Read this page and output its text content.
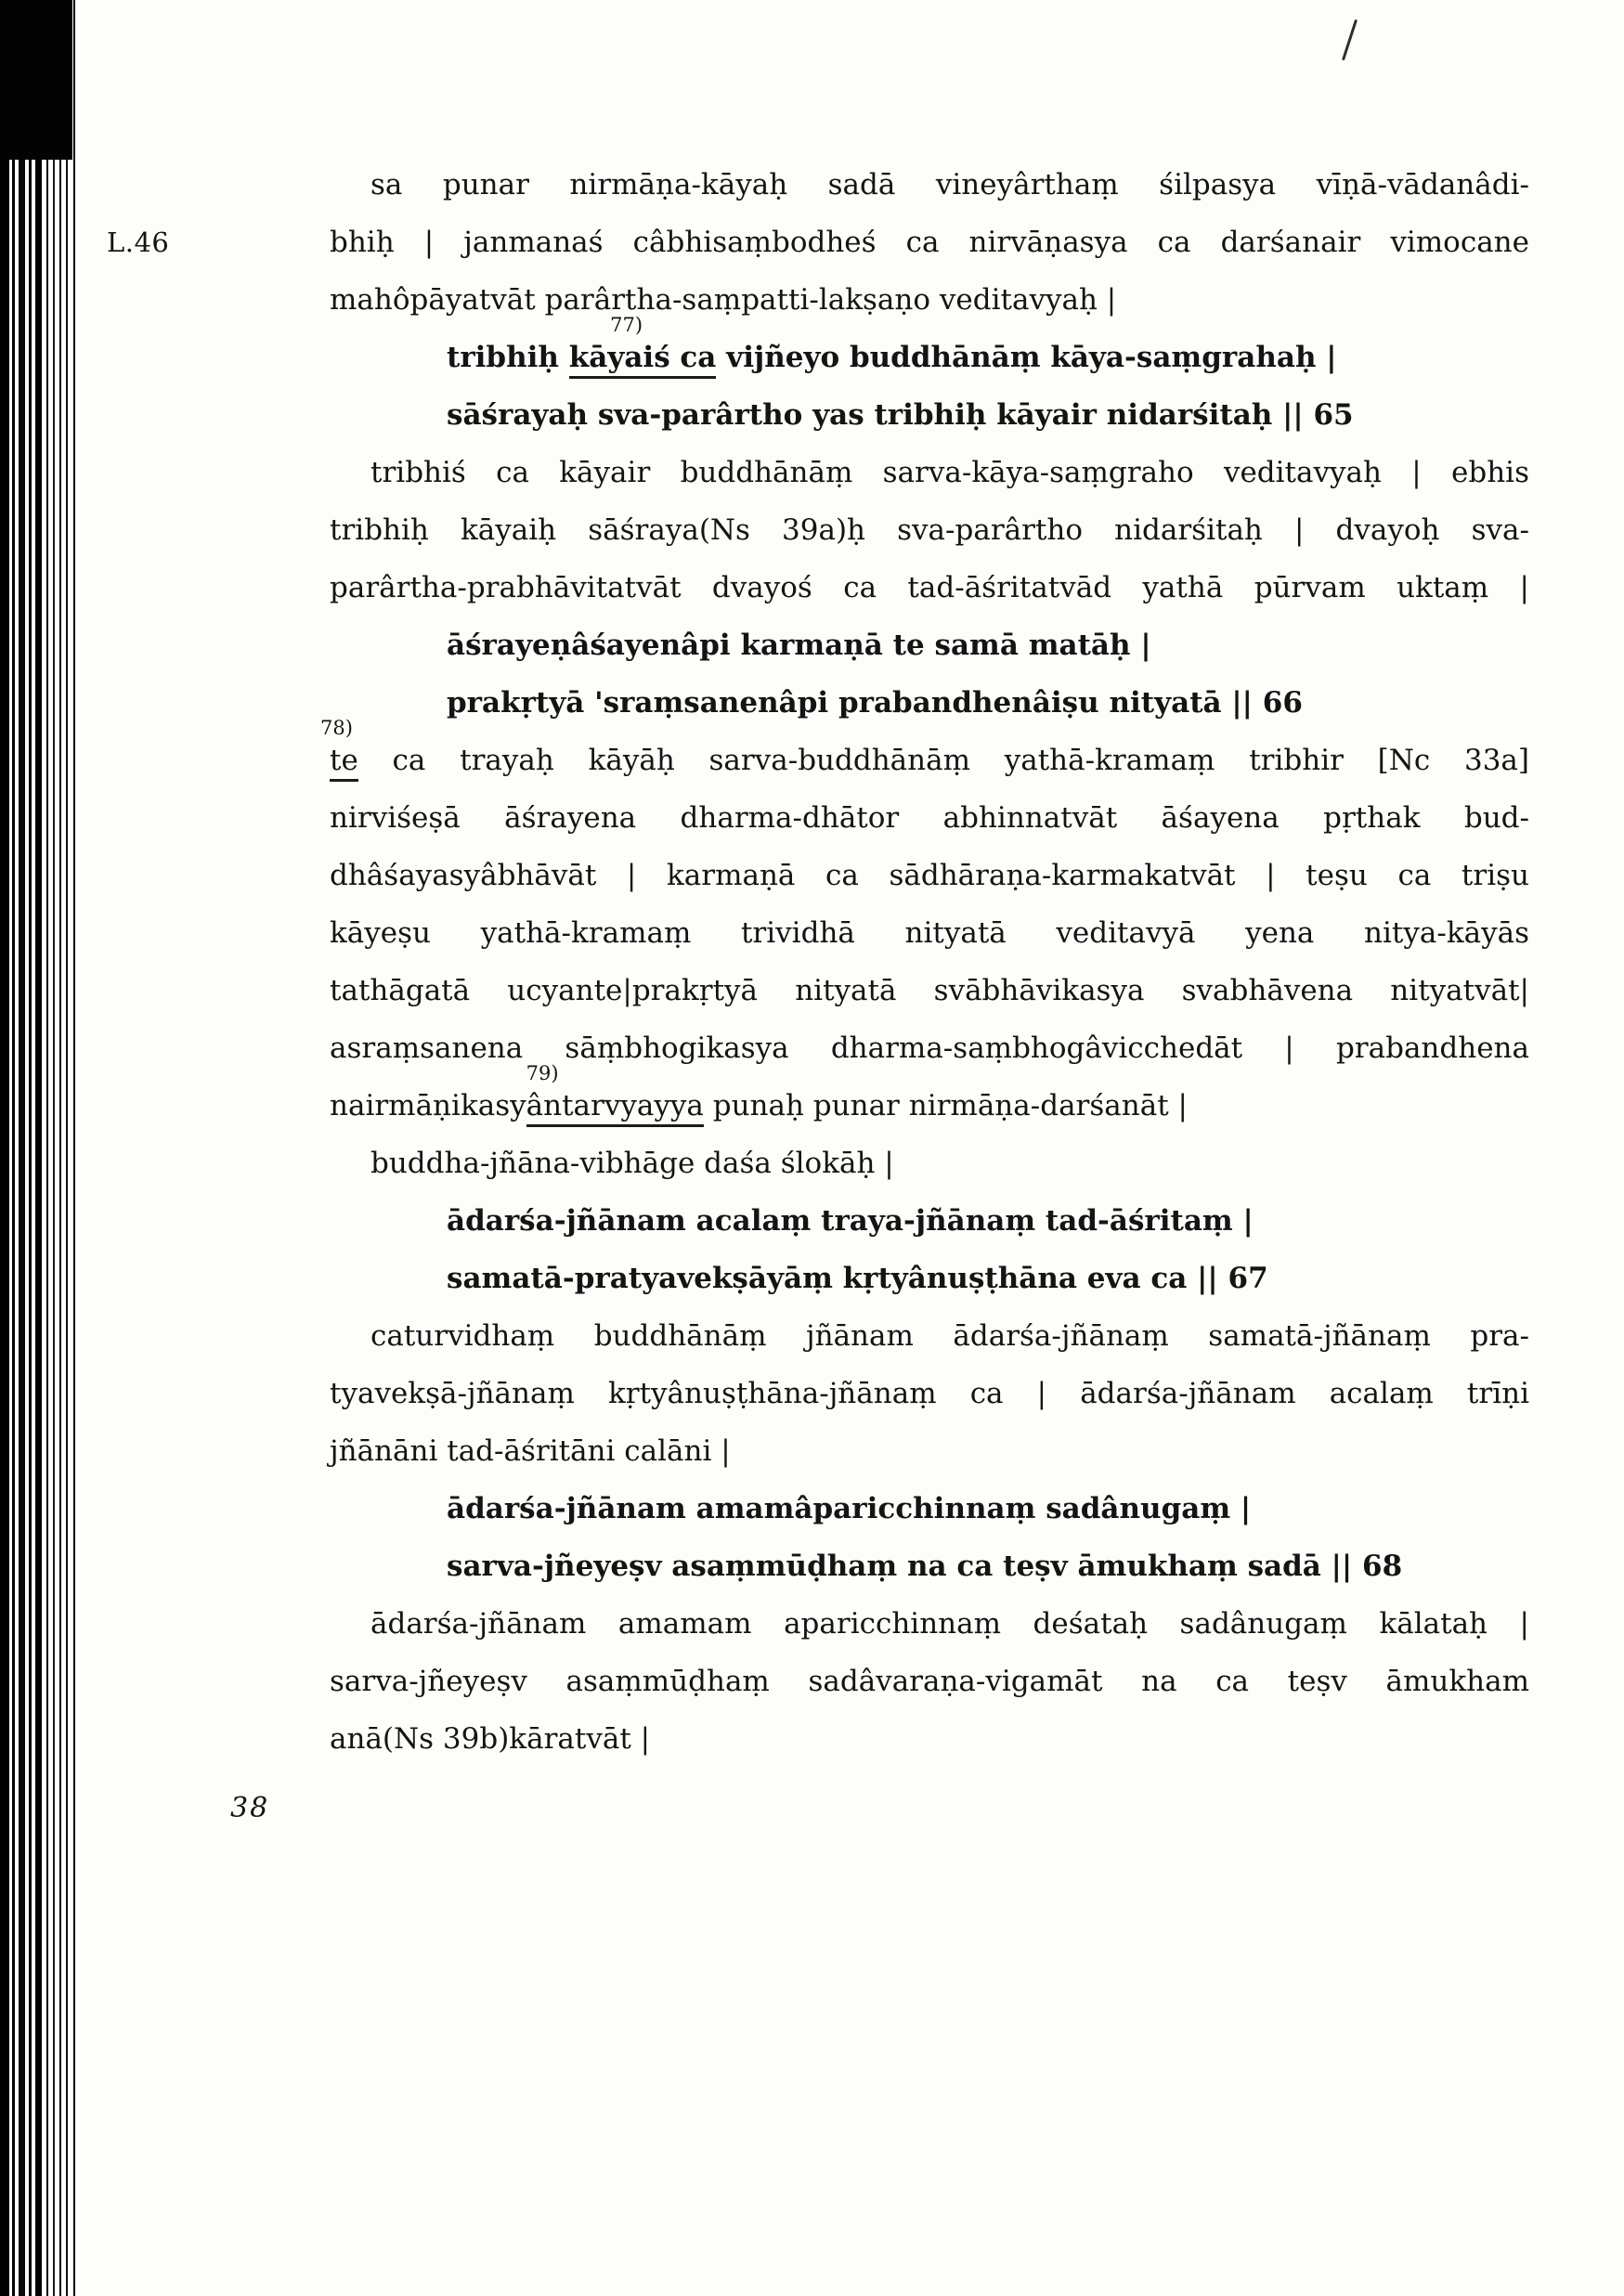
sa punar nirmāṇa-kāyaḥ sadā vineyârthaṃ śilpasya vīṇā-vādanâdi-
L.46	bhiḥ | janmanaś câbhisaṃbodheś ca nirvāṇasya ca darśanair vimocane
mahôpāyatvāt parârtha-saṃpatti-lakṣaṇo veditavyaḥ |
tribhiḥ kāyaiś ca
77)
vijñeyo buddhānāṃ kāya-saṃgrahaḥ |
sāśrayaḥ sva-parârtho yas tribhiḥ kāyair nidarśitaḥ || 65
tribhiś ca kāyair buddhānāṃ sarva-kāya-saṃgraho veditavyaḥ | ebhis
tribhiḥ kāyaiḥ sāśraya(Ns 39a)ḥ sva-parârtho nidarśitaḥ | dvayoḥ sva-
parârtha-prabhāvitatvāt dvayoś ca tad-āśritatvād yathā pūrvam uktaṃ |
āśrayeṇâśayenâpi karmaṇā te samā matāḥ |
prakṛtyā 'sraṃsanenâpi prabandhenâiṣu nityatā || 66
te
78)
ca trayaḥ kāyāḥ sarva-buddhānāṃ yathā-kramaṃ tribhir [Nc 33a]
nirviśeṣā āśrayena dharma-dhātor abhinnatvāt āśayena pṛthak bud-
dhâśayasyâbhāvāt | karmaṇā ca sādhāraṇa-karmakatvāt | teṣu ca triṣu
kāyeṣu yathā-kramaṃ trividhā nityatā veditavyā yena nitya-kāyās
tathāgatā ucyante|prakṛtyā nityatā svābhāvikasya svabhāvena nityatvāt|
asraṃsanena sāṃbhogikasya dharma-saṃbhogâvicchedāt | prabandhena
nairmāṇikasyântarvyayya
79)
punaḥ punar nirmāṇa-darśanāt |
buddha-jñāna-vibhāge daśa ślokāḥ |
ādarśa-jñānam acalaṃ traya-jñānaṃ tad-āśritaṃ |
samatā-pratyavekṣāyāṃ kṛtyânuṣṭhāna eva ca || 67
caturvidhaṃ buddhānāṃ jñānam ādarśa-jñānaṃ samatā-jñānaṃ pra-
tyavekṣā-jñānaṃ kṛtyânuṣṭhāna-jñānaṃ ca | ādarśa-jñānam acalaṃ trīṇi
jñānāni tad-āśritāni calāni |
ādarśa-jñānam amamâparicchinnaṃ sadânugaṃ |
sarva-jñeyeṣv asaṃmūḍhaṃ na ca teṣv āmukhaṃ sadā || 68
ādarśa-jñānam amamam aparicchinnaṃ deśataḥ sadânugaṃ kālataḥ |
sarva-jñeyeṣv asaṃmūḍhaṃ sadâvaraṇa-vigamāt na ca teṣv āmukham
anā(Ns 39b)kāratvāt |
38
